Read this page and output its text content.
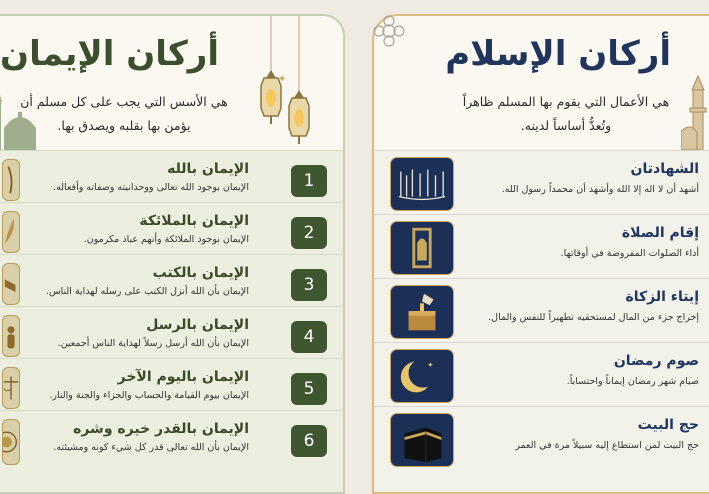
✦
أركان الإيمان

هي الأسس التي يجب على كل مسلم أن يؤمن بها بقلبه ويصدق بها.

الإيمان بالله
الإيمان بوجود الله تعالى ووحدانيته وصفاته وأفعاله.	1
الإيمان بالملائكة
الإيمان بوجود الملائكة وأنهم عباد مكرمون.	2
الإيمان بالكتب
الإيمان بأن الله أنزل الكتب على رسله لهداية الناس.	3
الإيمان بالرسل
الإيمان بأن الله أرسل رسلاً لهداية الناس أجمعين.	4
الإيمان باليوم الآخر
الإيمان بيوم القيامة والحساب والجزاء والجنة والنار.	5
الإيمان بالقدر خيره وشره
الإيمان بأن الله تعالى قدر كل شيء كونه ومشيئته.	6
أركان الإسلام

هي الأعمال التي يقوم بها المسلم ظاهراً وتُعدُّ أساساً لدينه.

الشهادتان
أشهد أن لا اله إلا الله وأشهد أن محمداً رسول الله.
إقام الصلاة
أداء الصلوات المفروضة في أوقاتها.
إيتاء الزكاة
إخراج جزء من المال لمستحقيه تطهيراً للنفس والمال.
✦	صوم رمضان
صيام شهر رمضان إيماناً واحتساباً.
حج البيت
حج البيت لمن استطاع إليه سبيلاً مرة في العمر
